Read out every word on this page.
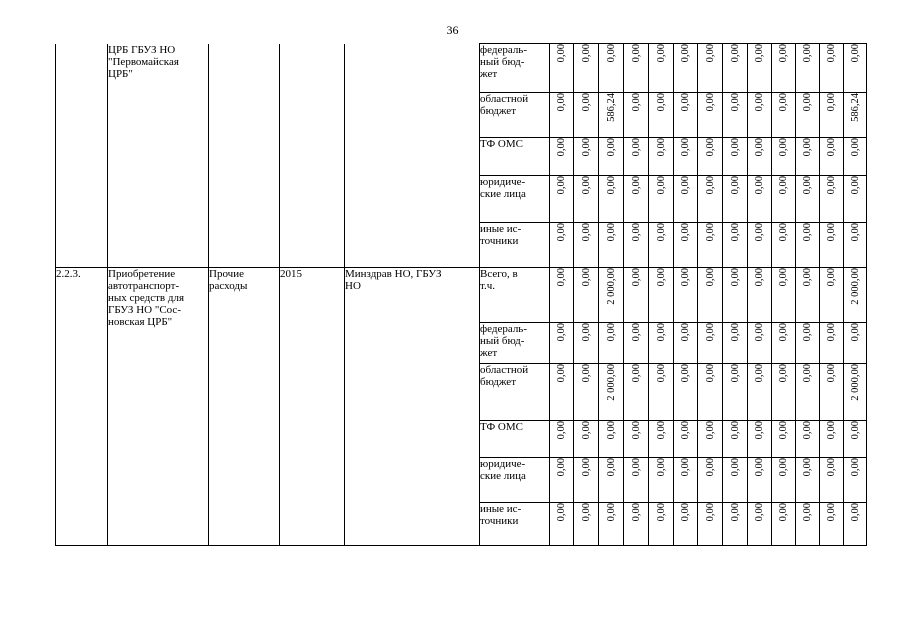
36
	ЦРБ ГБУЗ НО
"Первомайская
ЦРБ"				федераль-
ный бюд-
жет	0,00	0,00	0,00	0,00	0,00	0,00	0,00	0,00	0,00	0,00	0,00	0,00	0,00
					областной
бюджет	0,00	0,00	586,24	0,00	0,00	0,00	0,00	0,00	0,00	0,00	0,00	0,00	586,24
					ТФ ОМС	0,00	0,00	0,00	0,00	0,00	0,00	0,00	0,00	0,00	0,00	0,00	0,00	0,00
					юридиче-
ские лица	0,00	0,00	0,00	0,00	0,00	0,00	0,00	0,00	0,00	0,00	0,00	0,00	0,00
					иные ис-
точники	0,00	0,00	0,00	0,00	0,00	0,00	0,00	0,00	0,00	0,00	0,00	0,00	0,00
2.2.3.	Приобретение
автотранспорт-
ных средств для
ГБУЗ НО "Сос-
новская ЦРБ"	Прочие
расходы	2015	Минздрав НО, ГБУЗ
НО	Всего, в
т.ч.	0,00	0,00	2 000,00	0,00	0,00	0,00	0,00	0,00	0,00	0,00	0,00	0,00	2 000,00
					федераль-
ный бюд-
жет	0,00	0,00	0,00	0,00	0,00	0,00	0,00	0,00	0,00	0,00	0,00	0,00	0,00
					областной
бюджет	0,00	0,00	2 000,00	0,00	0,00	0,00	0,00	0,00	0,00	0,00	0,00	0,00	2 000,00
					ТФ ОМС	0,00	0,00	0,00	0,00	0,00	0,00	0,00	0,00	0,00	0,00	0,00	0,00	0,00
					юридиче-
ские лица	0,00	0,00	0,00	0,00	0,00	0,00	0,00	0,00	0,00	0,00	0,00	0,00	0,00
					иные ис-
точники	0,00	0,00	0,00	0,00	0,00	0,00	0,00	0,00	0,00	0,00	0,00	0,00	0,00
